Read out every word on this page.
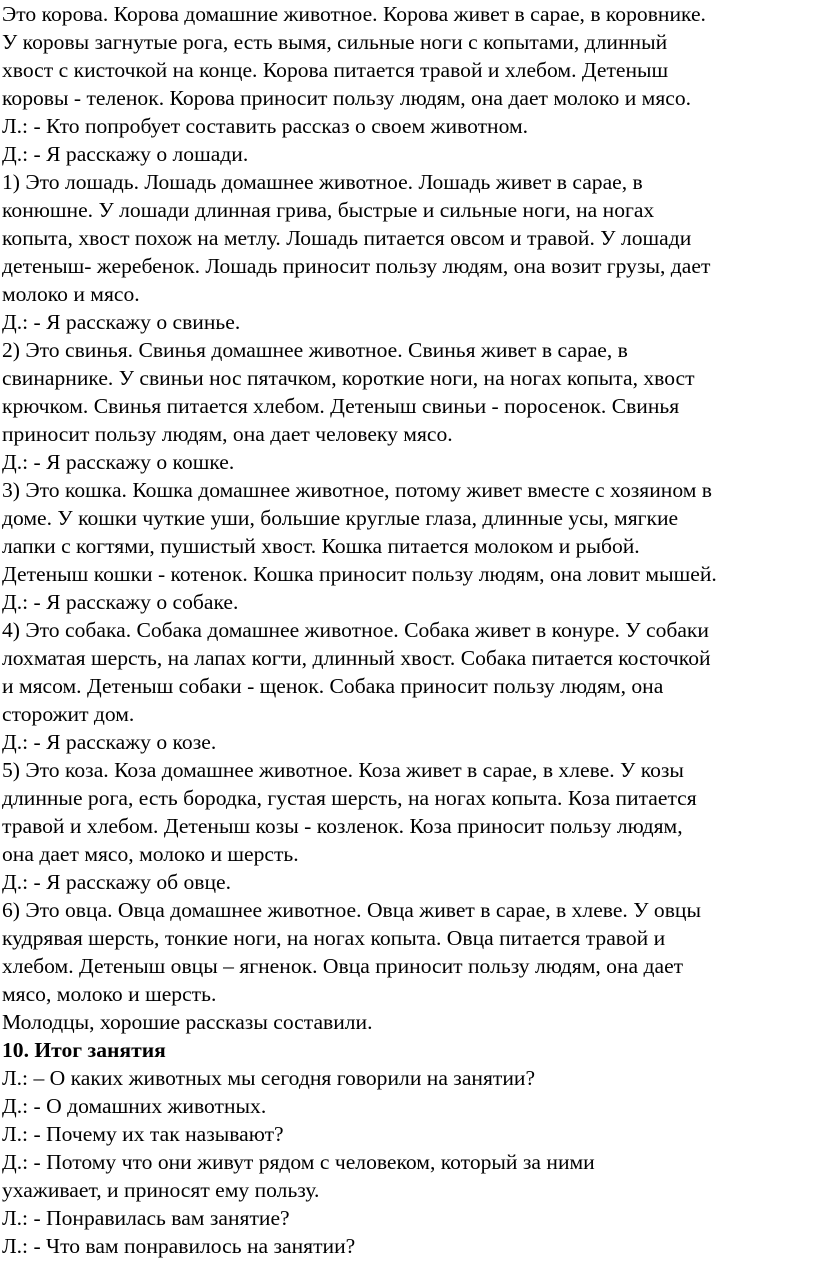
Это корова. Корова домашние животное. Корова живет в сарае, в коровнике.
У коровы загнутые рога, есть вымя, сильные ноги с копытами, длинный
хвост с кисточкой на конце. Корова питается травой и хлебом. Детеныш
коровы - теленок. Корова приносит пользу людям, она дает молоко и мясо.
Л.: - Кто попробует составить рассказ о своем животном.
Д.: - Я расскажу о лошади.
1) Это лошадь. Лошадь домашнее животное. Лошадь живет в сарае, в
конюшне. У лошади длинная грива, быстрые и сильные ноги, на ногах
копыта, хвост похож на метлу. Лошадь питается овсом и травой. У лошади
детеныш- жеребенок. Лошадь приносит пользу людям, она возит грузы, дает
молоко и мясо.
Д.: - Я расскажу о свинье.
2) Это свинья. Свинья домашнее животное. Свинья живет в сарае, в
свинарнике. У свиньи нос пятачком, короткие ноги, на ногах копыта, хвост
крючком. Свинья питается хлебом. Детеныш свиньи - поросенок. Свинья
приносит пользу людям, она дает человеку мясо.
Д.: - Я расскажу о кошке.
3) Это кошка. Кошка домашнее животное, потому живет вместе с хозяином в
доме. У кошки чуткие уши, большие круглые глаза, длинные усы, мягкие
лапки с когтями, пушистый хвост. Кошка питается молоком и рыбой.
Детеныш кошки - котенок. Кошка приносит пользу людям, она ловит мышей.
Д.: - Я расскажу о собаке.
4) Это собака. Собака домашнее животное. Собака живет в конуре. У собаки
лохматая шерсть, на лапах когти, длинный хвост. Собака питается косточкой
и мясом. Детеныш собаки - щенок. Собака приносит пользу людям, она
сторожит дом.
Д.: - Я расскажу о козе.
5) Это коза. Коза домашнее животное. Коза живет в сарае, в хлеве. У козы
длинные рога, есть бородка, густая шерсть, на ногах копыта. Коза питается
травой и хлебом. Детеныш козы - козленок. Коза приносит пользу людям,
она дает мясо, молоко и шерсть.
Д.: - Я расскажу об овце.
6) Это овца. Овца домашнее животное. Овца живет в сарае, в хлеве. У овцы
кудрявая шерсть, тонкие ноги, на ногах копыта. Овца питается травой и
хлебом. Детеныш овцы – ягненок. Овца приносит пользу людям, она дает
мясо, молоко и шерсть.
Молодцы, хорошие рассказы составили.
10. Итог занятия
Л.: – О каких животных мы сегодня говорили на занятии?
Д.: - О домашних животных.
Л.: - Почему их так называют?
Д.: - Потому что они живут рядом с человеком, который за ними
ухаживает, и приносят ему пользу.
Л.: - Понравилась вам занятие?
Л.: - Что вам понравилось на занятии?
